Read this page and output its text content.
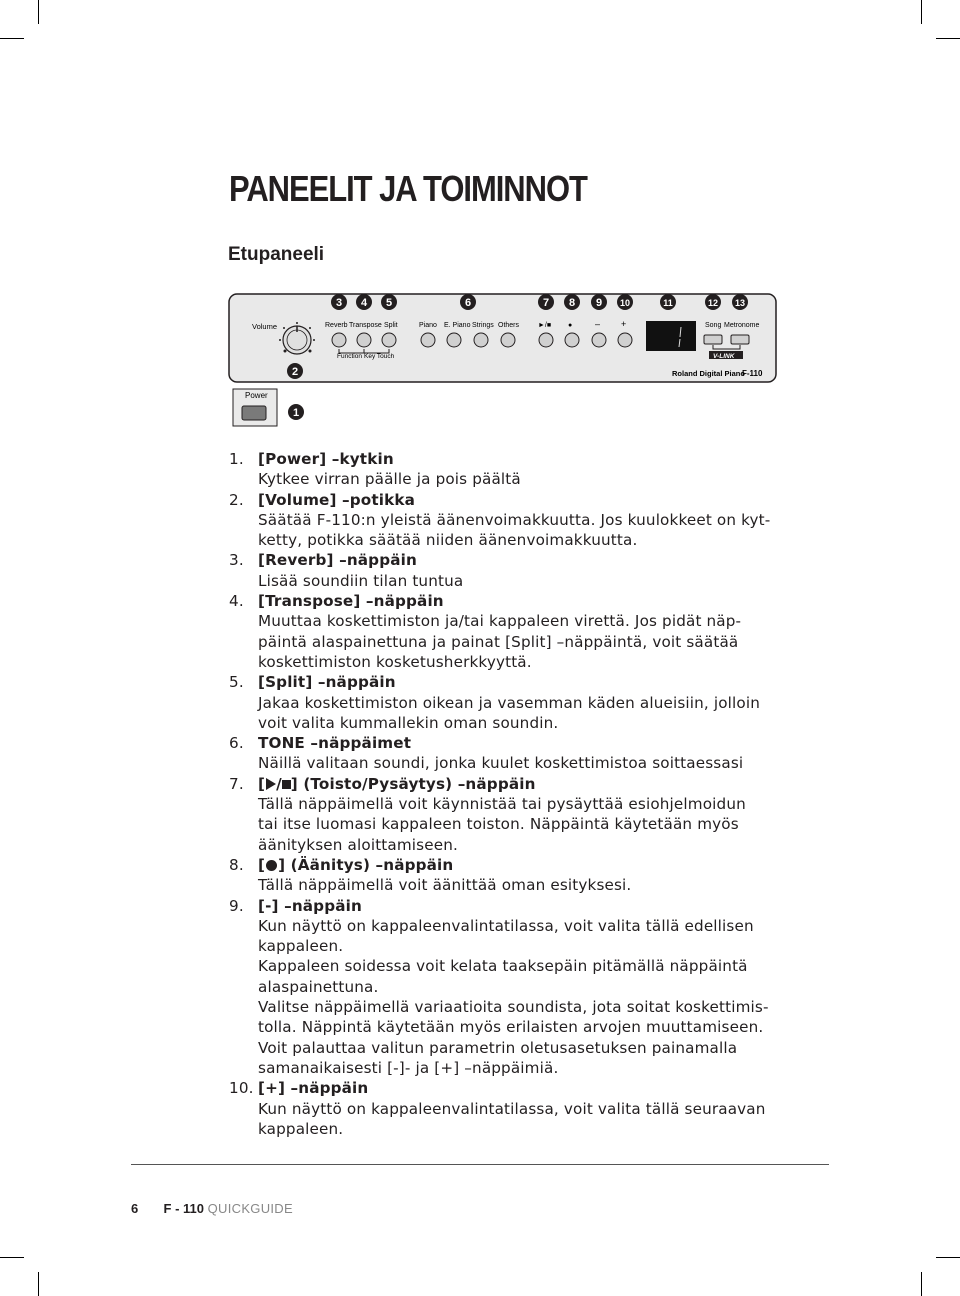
PANEELIT JA TOIMINNOT
Etupaneeli
Power
Volume	Reverb Transpose Split
Function Key Touch
Piano E. Piano Strings Others	►/■ ●	– +	Song Metronome
V-LINK
Roland Digital Piano
F-110
3 4 5	6	7 8 9 10	11	12 13
2
1
1. [Power] –kytkin
Kytkee virran päälle ja pois päältä
2. [Volume] –potikka
Säätää F-110:n yleistä äänenvoimakkuutta. Jos kuulokkeet on kyt-
ketty, potikka säätää niiden äänenvoimakkuutta.
3. [Reverb] –näppäin
Lisää soundiin tilan tuntua
4. [Transpose] –näppäin
Muuttaa koskettimiston ja/tai kappaleen virettä. Jos pidät näp-
päintä alaspainettuna ja painat [Split] –näppäintä, voit säätää
koskettimiston kosketusherkkyyttä.
5. [Split] –näppäin
Jakaa koskettimiston oikean ja vasemman käden alueisiin, jolloin
voit valita kummallekin oman soundin.
6. TONE –näppäimet
Näillä valitaan soundi, jonka kuulet koskettimistoa soittaessasi
7. [ / ] (Toisto/Pysäytys) –näppäin
Tällä näppäimellä voit käynnistää tai pysäyttää esiohjelmoidun
tai itse luomasi kappaleen toiston. Näppäintä käytetään myös
äänityksen aloittamiseen.
8. [ ] (Äänitys) –näppäin
Tällä näppäimellä voit äänittää oman esityksesi.
9. [-] –näppäin
Kun näyttö on kappaleenvalintatilassa, voit valita tällä edellisen
kappaleen.
Kappaleen soidessa voit kelata taaksepäin pitämällä näppäintä
alaspainettuna.
Valitse näppäimellä variaatioita soundista, jota soitat koskettimis-
tolla. Näppintä käytetään myös erilaisten arvojen muuttamiseen.
Voit palauttaa valitun parametrin oletusasetuksen painamalla
samanaikaisesti [-]- ja [+] –näppäimiä.
10. [+] –näppäin
Kun näyttö on kappaleenvalintatilassa, voit valita tällä seuraavan
kappaleen.
6 F - 110 QUICKGUIDE
